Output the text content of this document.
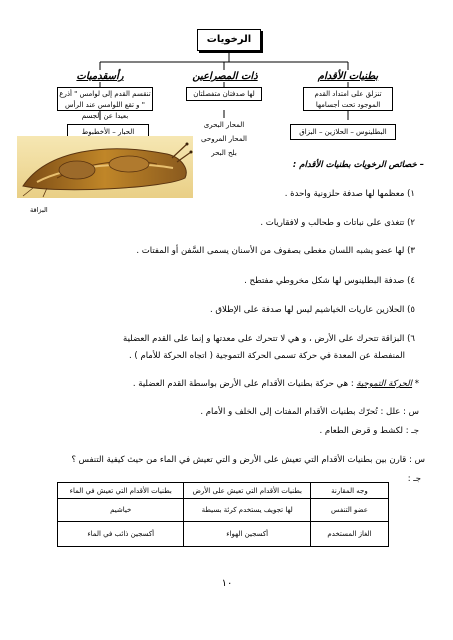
الرخويات
بطنيات الأقدام
ذات المصراعين
رأسقدميات
تنزلق على امتداد القدم الموجود تحت أجسامها
لها صدفتان متفصلتان
تنقسم القدم إلى لوامس " أذرع " و تقع اللوامس عند الرأس بعيدا عن الجسم
البطلينوس – الحلازين – البزاق
المحار البحرى
المحار المروحى
بلح البحر
الحبار – الأخطبوط
البزاقة
– خصائص الرخويات بطنيات الأقدام :
١) معظمها لها صدفة حلزونية واحدة .
٢) تتغذى على نباتات و طحالب و لافقاريات .
٣) لها عضو يشبه اللسان مغطى بصفوف من الأسنان يسمى السَّفن أو المفتات .
٤) صدفة البطلينوس لها شكل مخروطي مفتطح .
٥) الحلازين عاريات الخياشيم ليس لها صدفة على الإطلاق .
٦) البزاقة تتحرك على الأرض ، و هي لا تتحرك على معدتها و إنما على القدم العضلية
المنفصلة عن المعدة في حركة تسمى الحركة التموجية ( اتجاه الحركة للأمام ) .
* الحركة التموجية : هي حركة بطنيات الأقدام على الأرض بواسطة القدم العضلية .
س : علل : تُحرّك بطنيات الأقدام المفتات إلى الخلف و الأمام .
جـ : لكشط و قرض الطعام .
س : قارن بين بطنيات الأقدام التي تعيش على الأرض و التي تعيش في الماء من حيث كيفية التنفس ؟
جـ :
وجه المقارنة	بطنيات الأقدام التي تعيش على الأرض	بطنيات الأقدام التي تعيش في الماء
عضو التنفس	لها تجويف يستخدم كرئة بسيطة	خياشيم
الغاز المستخدم	أكسجين الهواء	أكسجين ذائب في الماء
١٠
